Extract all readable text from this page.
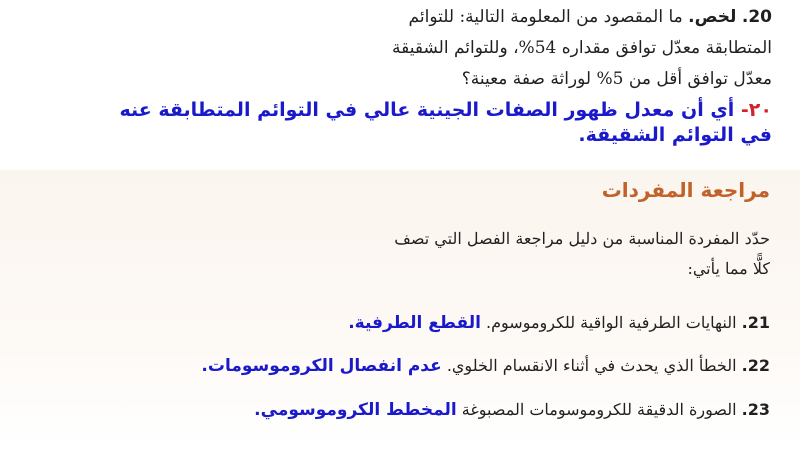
20. لخص. ما المقصود من المعلومة التالية: للتوائم
المتطابقة معدّل توافق مقداره 54%، وللتوائم الشقيقة
معدّل توافق أقل من 5% لوراثة صفة معينة؟
٢٠- أي أن معدل ظهور الصفات الجينية عالي في التوائم المتطابقة عنه في التوائم الشقيقة.
مراجعة المفردات
حدّد المفردة المناسبة من دليل مراجعة الفصل التي تصف
كلًّا مما يأتي:
21. النهايات الطرفية الواقية للكروموسوم. القطع الطرفية.
22. الخطأ الذي يحدث في أثناء الانقسام الخلوي. عدم انفصال الكروموسومات.
23. الصورة الدقيقة للكروموسومات المصبوغة المخطط الكروموسومي.
